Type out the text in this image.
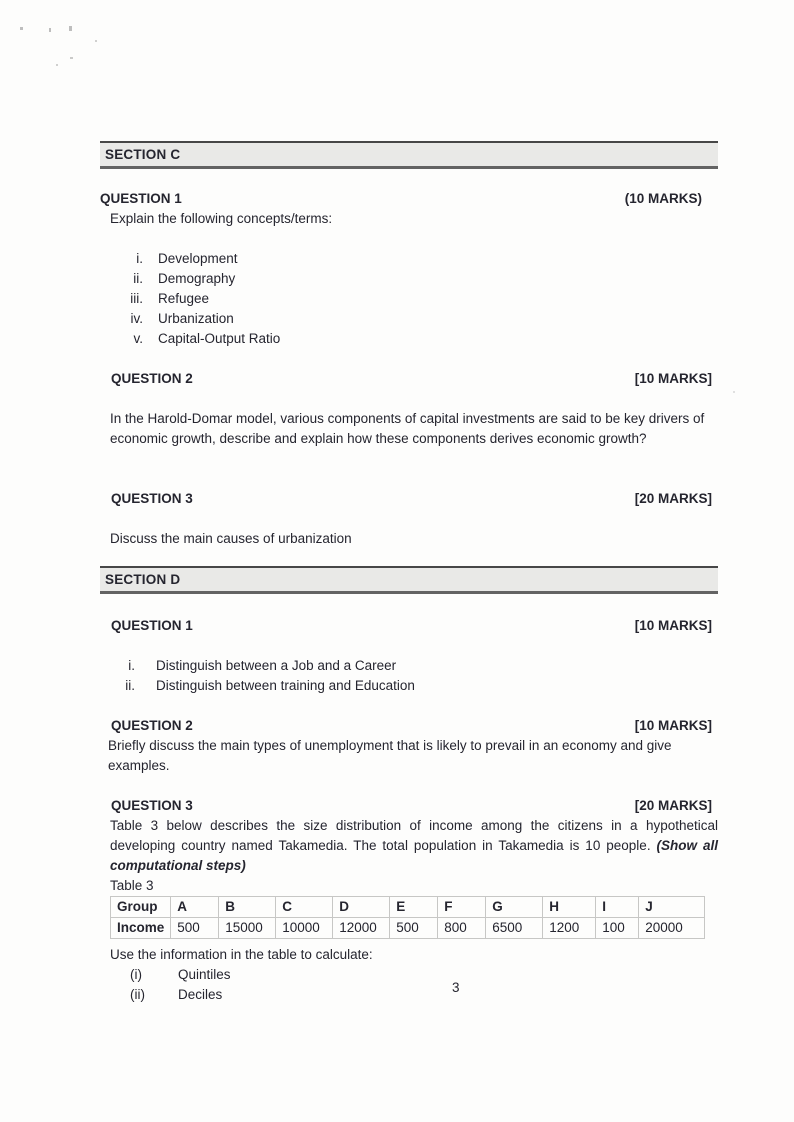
SECTION C
QUESTION 1	(10 MARKS)

Explain the following concepts/terms:

i. Development
ii. Demography
iii. Refugee
iv. Urbanization
v. Capital-Output Ratio
QUESTION 2	[10 MARKS]

In the Harold-Domar model, various components of capital investments are said to be key drivers of economic growth, describe and explain how these components derives economic growth?

QUESTION 3	[20 MARKS]

Discuss the main causes of urbanization

SECTION D
QUESTION 1	[10 MARKS]
i. Distinguish between a Job and a Career
ii. Distinguish between training and Education
QUESTION 2	[10 MARKS]

Briefly discuss the main types of unemployment that is likely to prevail in an economy and give examples.

QUESTION 3	[20 MARKS]

Table 3 below describes the size distribution of income among the citizens in a hypothetical developing country named Takamedia. The total population in Takamedia is 10 people. (Show all computational steps)

Table 3
Group	A	B	C	D	E	F	G	H	I	J
Income	500	15000	10000	12000	500	800	6500	1200	100	20000
Use the information in the table to calculate:
(i)	Quintiles
(ii)	Deciles	3
